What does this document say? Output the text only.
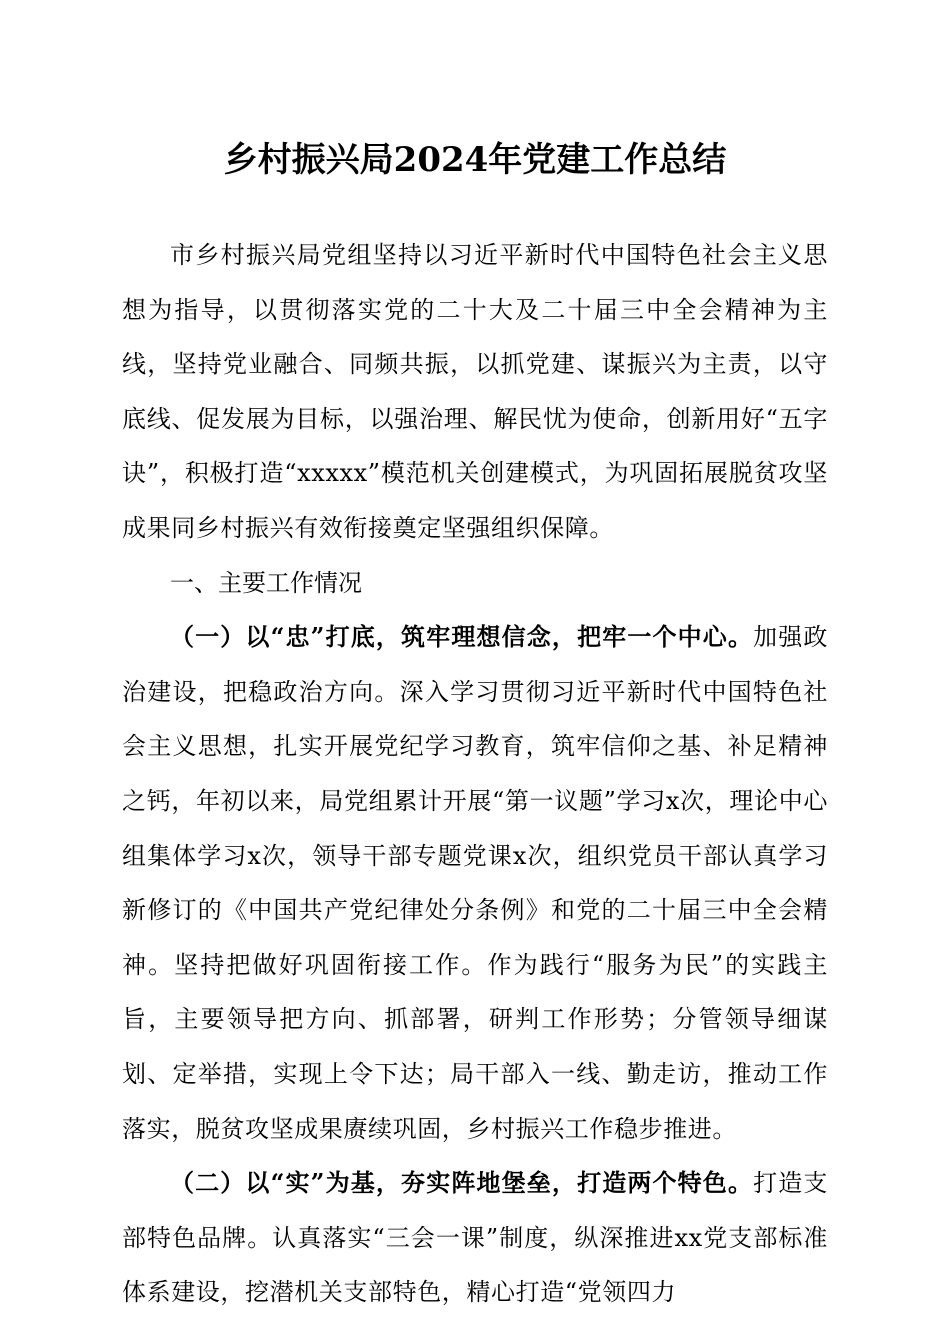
乡村振兴局2024年党建工作总结

市乡村振兴局党组坚持以习近平新时代中国特色社会主义思想为指导，以贯彻落实党的二十大及二十届三中全会精神为主线，坚持党业融合、同频共振，以抓党建、谋振兴为主责，以守底线、促发展为目标，以强治理、解民忧为使命，创新用好“五字诀”，积极打造“xxxxx”模范机关创建模式，为巩固拓展脱贫攻坚成果同乡村振兴有效衔接奠定坚强组织保障。

一、主要工作情况

（一）以“忠”打底，筑牢理想信念，把牢一个中心。加强政治建设，把稳政治方向。深入学习贯彻习近平新时代中国特色社会主义思想，扎实开展党纪学习教育，筑牢信仰之基、补足精神之钙，年初以来，局党组累计开展“第一议题”学习x次，理论中心组集体学习x次，领导干部专题党课x次，组织党员干部认真学习新修订的《中国共产党纪律处分条例》和党的二十届三中全会精神。坚持把做好巩固衔接工作。作为践行“服务为民”的实践主旨，主要领导把方向、抓部署，研判工作形势；分管领导细谋划、定举措，实现上令下达；局干部入一线、勤走访，推动工作落实，脱贫攻坚成果赓续巩固，乡村振兴工作稳步推进。

（二）以“实”为基，夯实阵地堡垒，打造两个特色。打造支部特色品牌。认真落实“三会一课”制度，纵深推进xx党支部标准体系建设，挖潜机关支部特色，精心打造“党领四力
